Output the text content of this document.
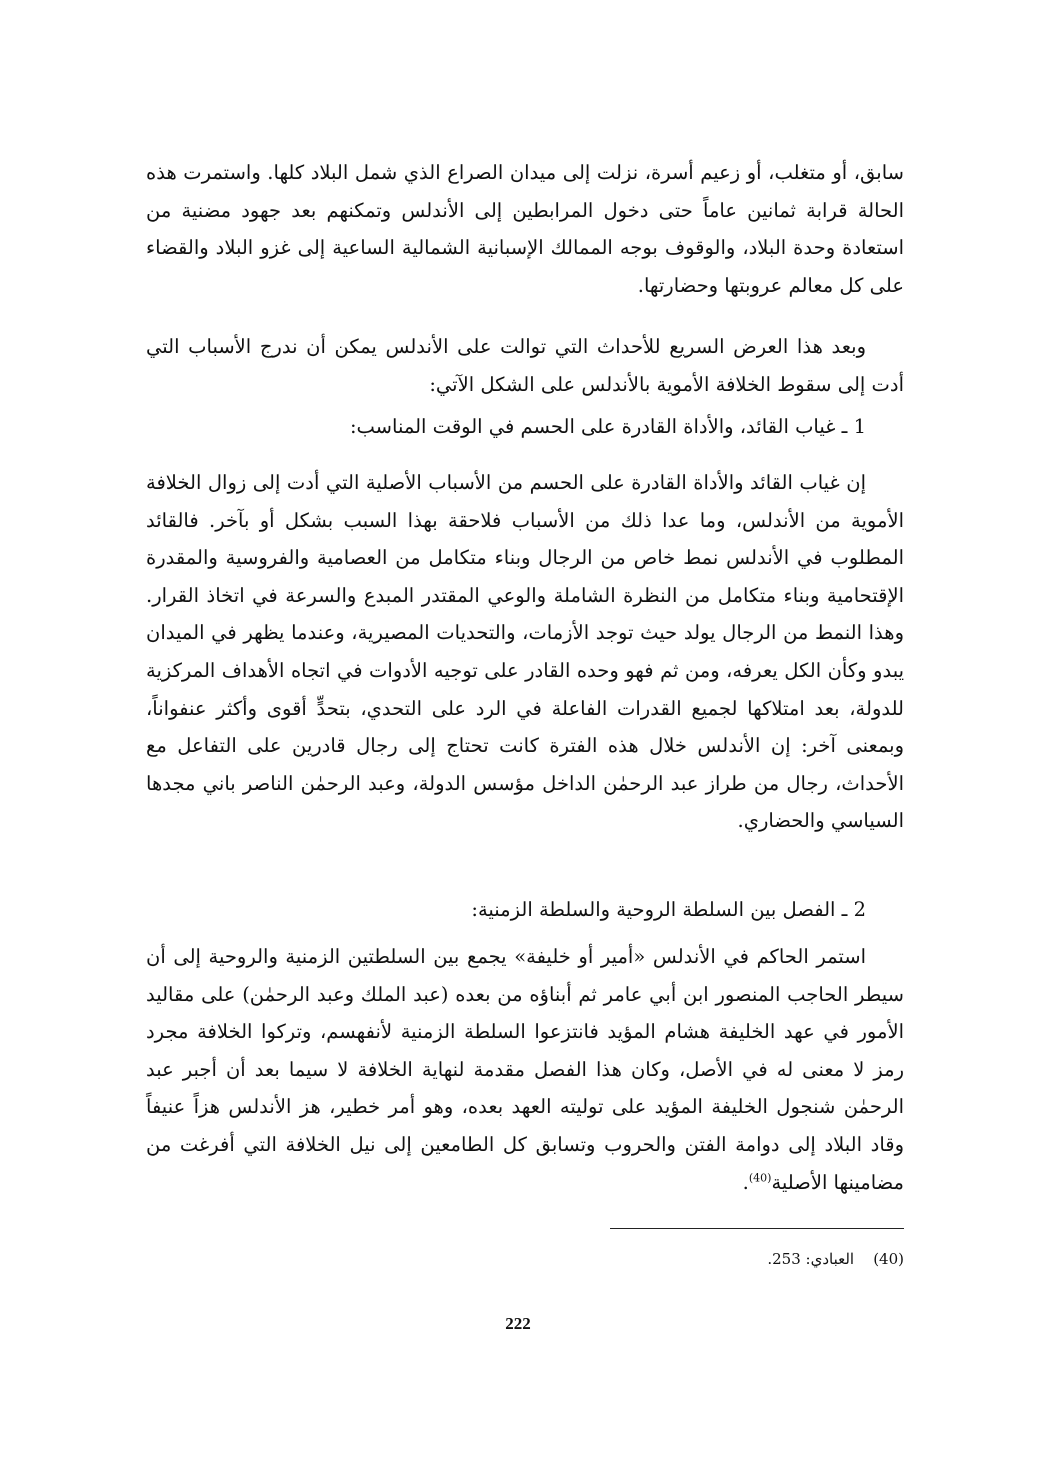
سابق، أو متغلب، أو زعيم أسرة، نزلت إلى ميدان الصراع الذي شمل البلاد كلها. واستمرت هذه الحالة قرابة ثمانين عاماً حتى دخول المرابطين إلى الأندلس وتمكنهم بعد جهود مضنية من استعادة وحدة البلاد، والوقوف بوجه الممالك الإسبانية الشمالية الساعية إلى غزو البلاد والقضاء على كل معالم عروبتها وحضارتها.

وبعد هذا العرض السريع للأحداث التي توالت على الأندلس يمكن أن ندرج الأسباب التي أدت إلى سقوط الخلافة الأموية بالأندلس على الشكل الآتي:

1 ـ غياب القائد، والأداة القادرة على الحسم في الوقت المناسب:

إن غياب القائد والأداة القادرة على الحسم من الأسباب الأصلية التي أدت إلى زوال الخلافة الأموية من الأندلس، وما عدا ذلك من الأسباب فلاحقة بهذا السبب بشكل أو بآخر. فالقائد المطلوب في الأندلس نمط خاص من الرجال وبناء متكامل من العصامية والفروسية والمقدرة الإقتحامية وبناء متكامل من النظرة الشاملة والوعي المقتدر المبدع والسرعة في اتخاذ القرار. وهذا النمط من الرجال يولد حيث توجد الأزمات، والتحديات المصيرية، وعندما يظهر في الميدان يبدو وكأن الكل يعرفه، ومن ثم فهو وحده القادر على توجيه الأدوات في اتجاه الأهداف المركزية للدولة، بعد امتلاكها لجميع القدرات الفاعلة في الرد على التحدي، بتحدٍّ أقوى وأكثر عنفواناً، وبمعنى آخر: إن الأندلس خلال هذه الفترة كانت تحتاج إلى رجال قادرين على التفاعل مع الأحداث، رجال من طراز عبد الرحمٰن الداخل مؤسس الدولة، وعبد الرحمٰن الناصر باني مجدها السياسي والحضاري.

2 ـ الفصل بين السلطة الروحية والسلطة الزمنية:

استمر الحاكم في الأندلس «أمير أو خليفة» يجمع بين السلطتين الزمنية والروحية إلى أن سيطر الحاجب المنصور ابن أبي عامر ثم أبناؤه من بعده (عبد الملك وعبد الرحمٰن) على مقاليد الأمور في عهد الخليفة هشام المؤيد فانتزعوا السلطة الزمنية لأنفهسم، وتركوا الخلافة مجرد رمز لا معنى له في الأصل، وكان هذا الفصل مقدمة لنهاية الخلافة لا سيما بعد أن أجبر عبد الرحمٰن شنجول الخليفة المؤيد على توليته العهد بعده، وهو أمر خطير، هز الأندلس هزاً عنيفاً وقاد البلاد إلى دوامة الفتن والحروب وتسابق كل الطامعين إلى نيل الخلافة التي أفرغت من مضامينها الأصلية$^{(40)}$.

(40)    العبادي: 253.
222
